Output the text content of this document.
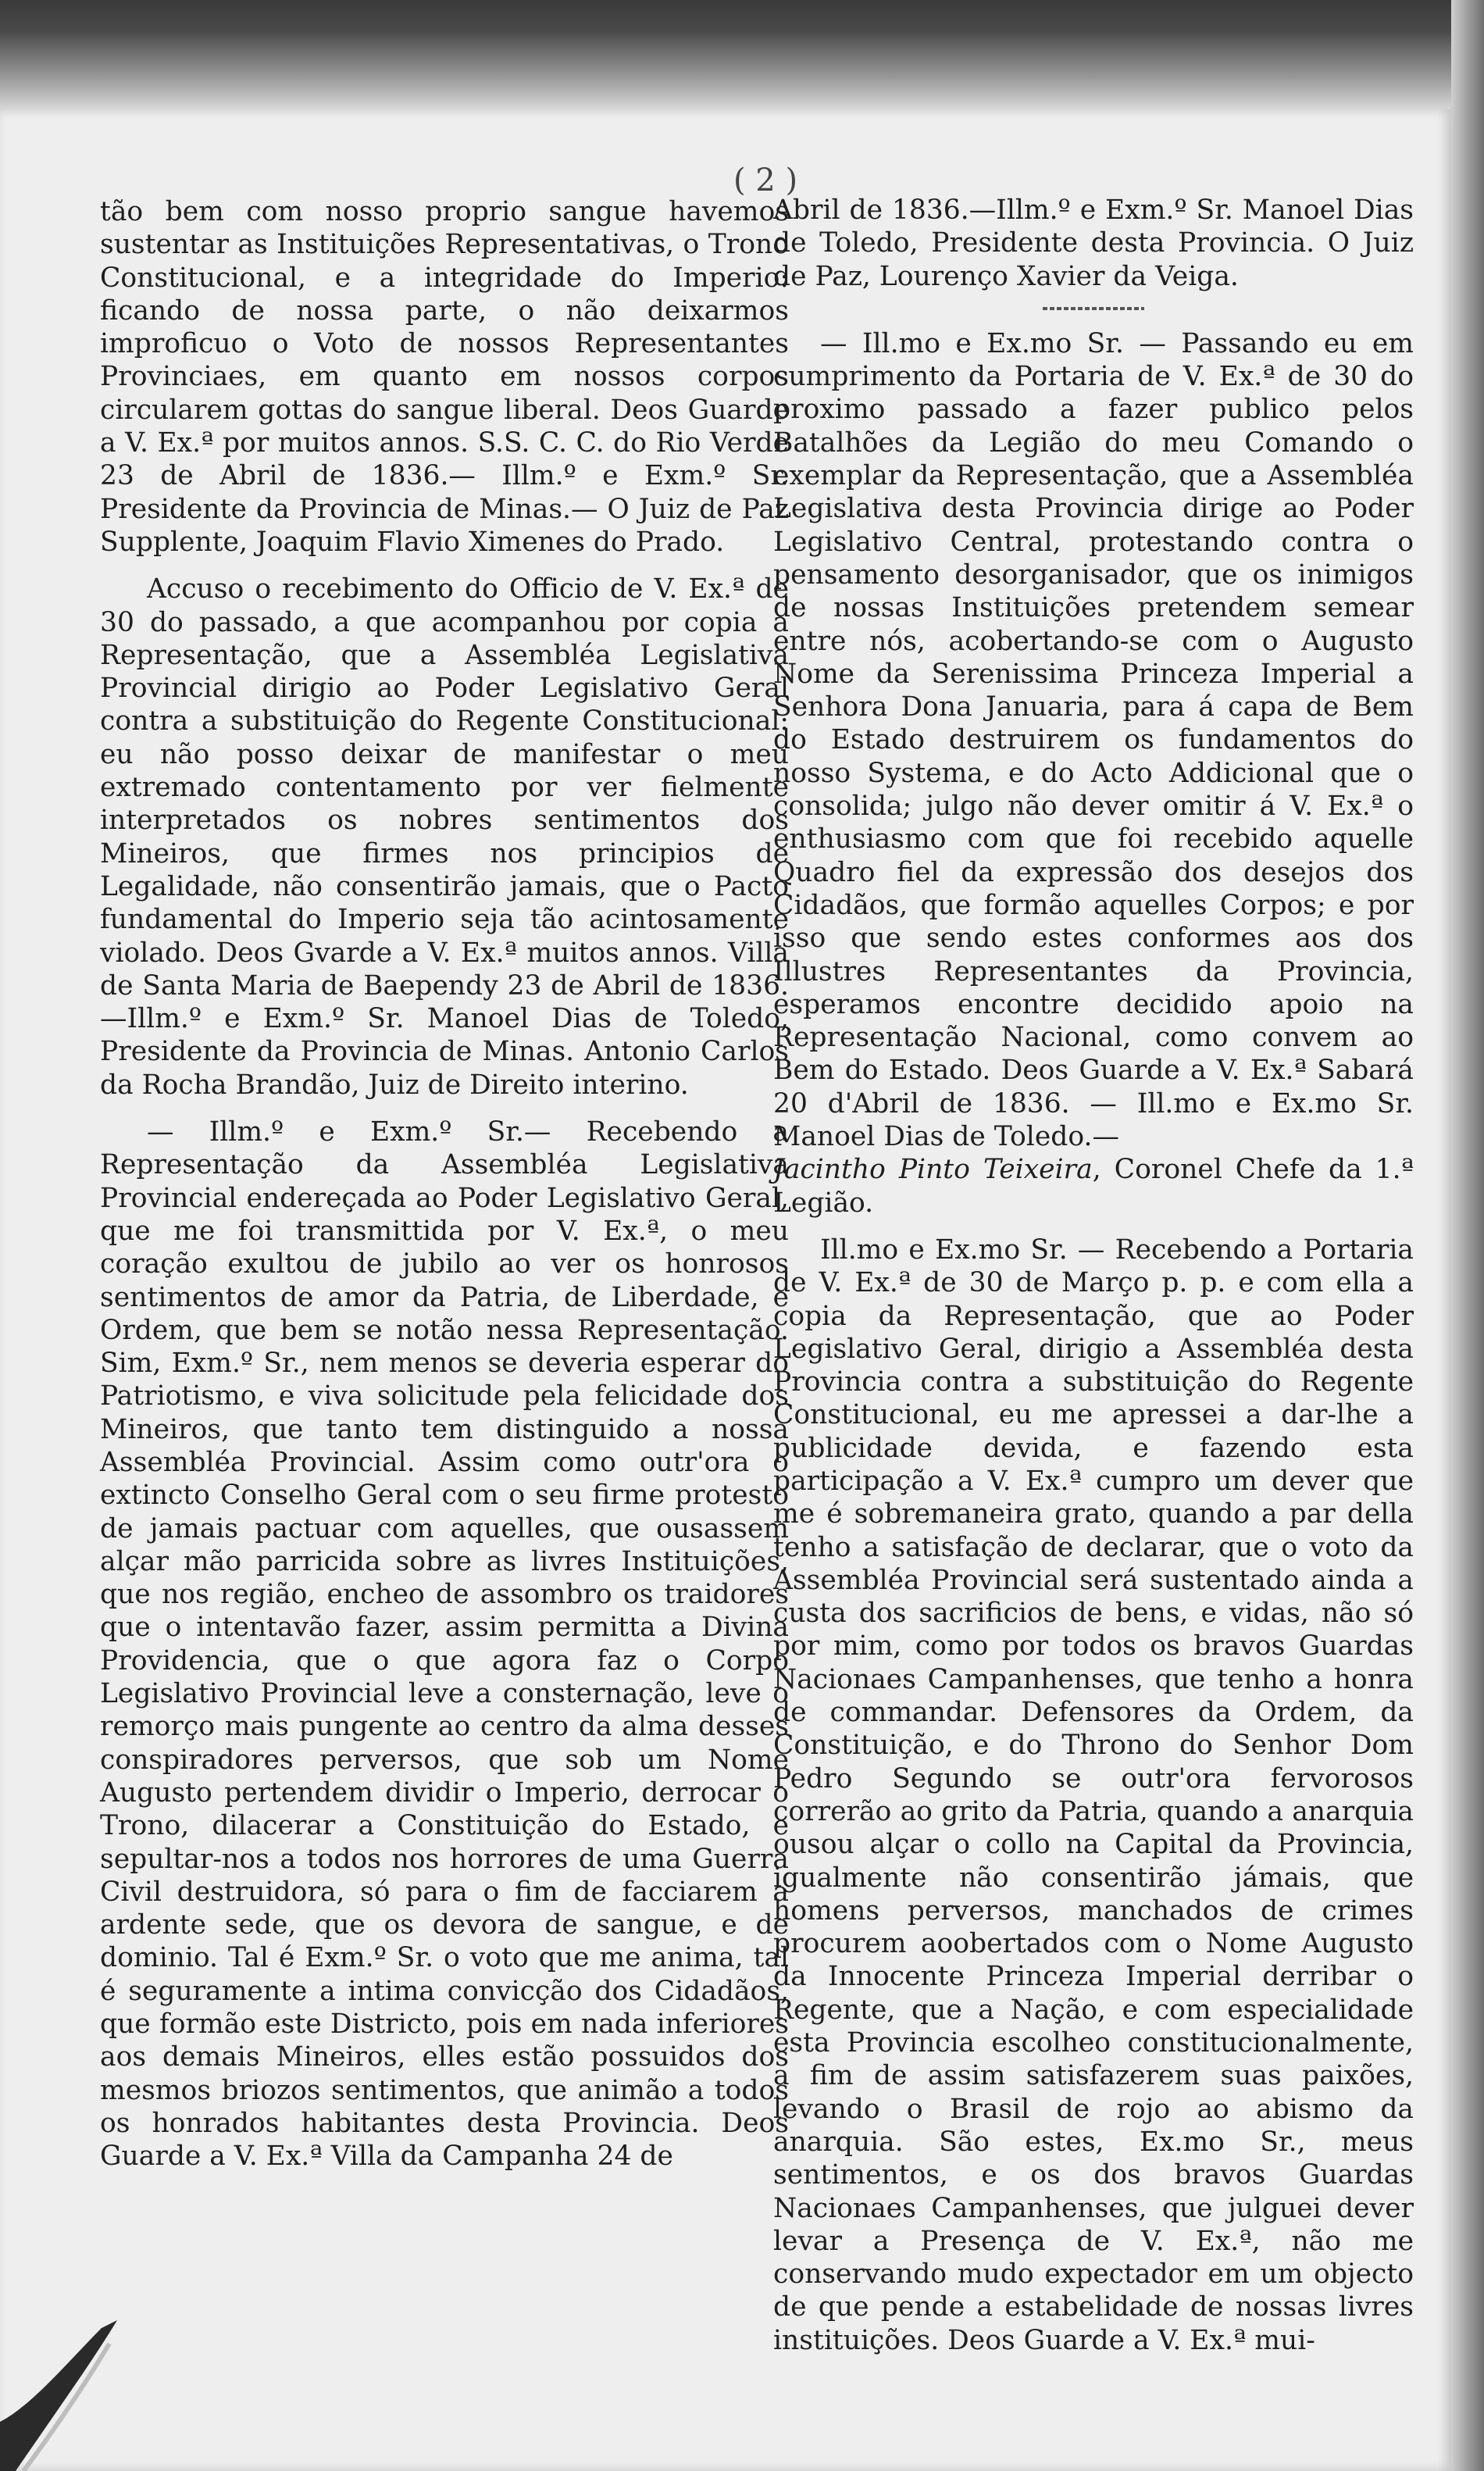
( 2 )

tão bem com nosso proprio sangue havemos sustentar as Instituições Representativas, o Trono Constitucional, e a integridade do Imperio: ficando de nossa parte, o não deixarmos improficuo o Voto de nossos Representantes Provinciaes, em quanto em nossos corpos circularem gottas do sangue liberal. Deos Guarde a V. Ex.ª por muitos annos. S.S. C. C. do Rio Verde 23 de Abril de 1836.— Illm.º e Exm.º Sr. Presidente da Provincia de Minas.— O Juiz de Paz Supplente, Joaquim Flavio Ximenes do Prado.

Accuso o recebimento do Officio de V. Ex.ª de 30 do passado, a que acompanhou por copia a Representação, que a Assembléa Legislativa Provincial dirigio ao Poder Legislativo Geral contra a substituição do Regente Constitucional: eu não posso deixar de manifestar o meu extremado contentamento por ver fielmente interpretados os nobres sentimentos dos Mineiros, que firmes nos principios de Legalidade, não consentirão jamais, que o Pacto fundamental do Imperio seja tão acintosamente violado. Deos Gvarde a V. Ex.ª muitos annos. Villa de Santa Maria de Baependy 23 de Abril de 1836.—Illm.º e Exm.º Sr. Manoel Dias de Toledo, Presidente da Provincia de Minas. Antonio Carlos da Rocha Brandão, Juiz de Direito interino.

— Illm.º e Exm.º Sr.— Recebendo a Representação da Assembléa Legislativa Provincial endereçada ao Poder Legislativo Geral, que me foi transmittida por V. Ex.ª, o meu coração exultou de jubilo ao ver os honrosos sentimentos de amor da Patria, de Liberdade, e Ordem, que bem se notão nessa Representação. Sim, Exm.º Sr., nem menos se deveria esperar do Patriotismo, e viva solicitude pela felicidade dos Mineiros, que tanto tem distinguido a nossa Assembléa Provincial. Assim como outr'ora o extincto Conselho Geral com o seu firme protesto de jamais pactuar com aquelles, que ousassem alçar mão parricida sobre as livres Instituições, que nos região, encheo de assombro os traidores que o intentavão fazer, assim permitta a Divina Providencia, que o que agora faz o Corpo Legislativo Provincial leve a consternação, leve o remorço mais pungente ao centro da alma desses conspiradores perversos, que sob um Nome Augusto pertendem dividir o Imperio, derrocar o Trono, dilacerar a Constituição do Estado, e sepultar-nos a todos nos horrores de uma Guerra Civil destruidora, só para o fim de facciarem a ardente sede, que os devora de sangue, e de dominio. Tal é Exm.º Sr. o voto que me anima, tal é seguramente a intima convicção dos Cidadãos, que formão este Districto, pois em nada inferiores aos demais Mineiros, elles estão possuidos dos mesmos briozos sentimentos, que animão a todos os honrados habitantes desta Provincia. Deos Guarde a V. Ex.ª Villa da Campanha 24 de

Abril de 1836.—Illm.º e Exm.º Sr. Manoel Dias de Toledo, Presidente desta Provincia. O Juiz de Paz, Lourenço Xavier da Veiga.

— Ill.mo e Ex.mo Sr. — Passando eu em cumprimento da Portaria de V. Ex.ª de 30 do proximo passado a fazer publico pelos Batalhões da Legião do meu Comando o exemplar da Representação, que a Assembléa Legislativa desta Provincia dirige ao Poder Legislativo Central, protestando contra o pensamento desorganisador, que os inimigos de nossas Instituições pretendem semear entre nós, acobertando-se com o Augusto Nome da Serenissima Princeza Imperial a Senhora Dona Januaria, para á capa de Bem do Estado destruirem os fundamentos do nosso Systema, e do Acto Addicional que o consolida; julgo não dever omitir á V. Ex.ª o enthusiasmo com que foi recebido aquelle Quadro fiel da expressão dos desejos dos Cidadãos, que formão aquelles Corpos; e por isso que sendo estes conformes aos dos Illustres Representantes da Provincia, esperamos encontre decidido apoio na Representação Nacional, como convem ao Bem do Estado. Deos Guarde a V. Ex.ª Sabará 20 d'Abril de 1836. — Ill.mo e Ex.mo Sr. Manoel Dias de Toledo.—
Jacintho Pinto Teixeira, Coronel Chefe da 1.ª Legião.

Ill.mo e Ex.mo Sr. — Recebendo a Portaria de V. Ex.ª de 30 de Março p. p. e com ella a copia da Representação, que ao Poder Legislativo Geral, dirigio a Assembléa desta Provincia contra a substituição do Regente Constitucional, eu me apressei a dar-lhe a publicidade devida, e fazendo esta participação a V. Ex.ª cumpro um dever que me é sobremaneira grato, quando a par della tenho a satisfação de declarar, que o voto da Assembléa Provincial será sustentado ainda a custa dos sacrificios de bens, e vidas, não só por mim, como por todos os bravos Guardas Nacionaes Campanhenses, que tenho a honra de commandar. Defensores da Ordem, da Constituição, e do Throno do Senhor Dom Pedro Segundo se outr'ora fervorosos correrão ao grito da Patria, quando a anarquia ousou alçar o collo na Capital da Provincia, igualmente não consentirão jámais, que homens perversos, manchados de crimes procurem aoobertados com o Nome Augusto da Innocente Princeza Imperial derribar o Regente, que a Nação, e com especialidade esta Provincia escolheo constitucionalmente, a fim de assim satisfazerem suas paixões, levando o Brasil de rojo ao abismo da anarquia. São estes, Ex.mo Sr., meus sentimentos, e os dos bravos Guardas Nacionaes Campanhenses, que julguei dever levar a Presença de V. Ex.ª, não me conservando mudo expectador em um objecto de que pende a estabelidade de nossas livres instituições. Deos Guarde a V. Ex.ª mui-
